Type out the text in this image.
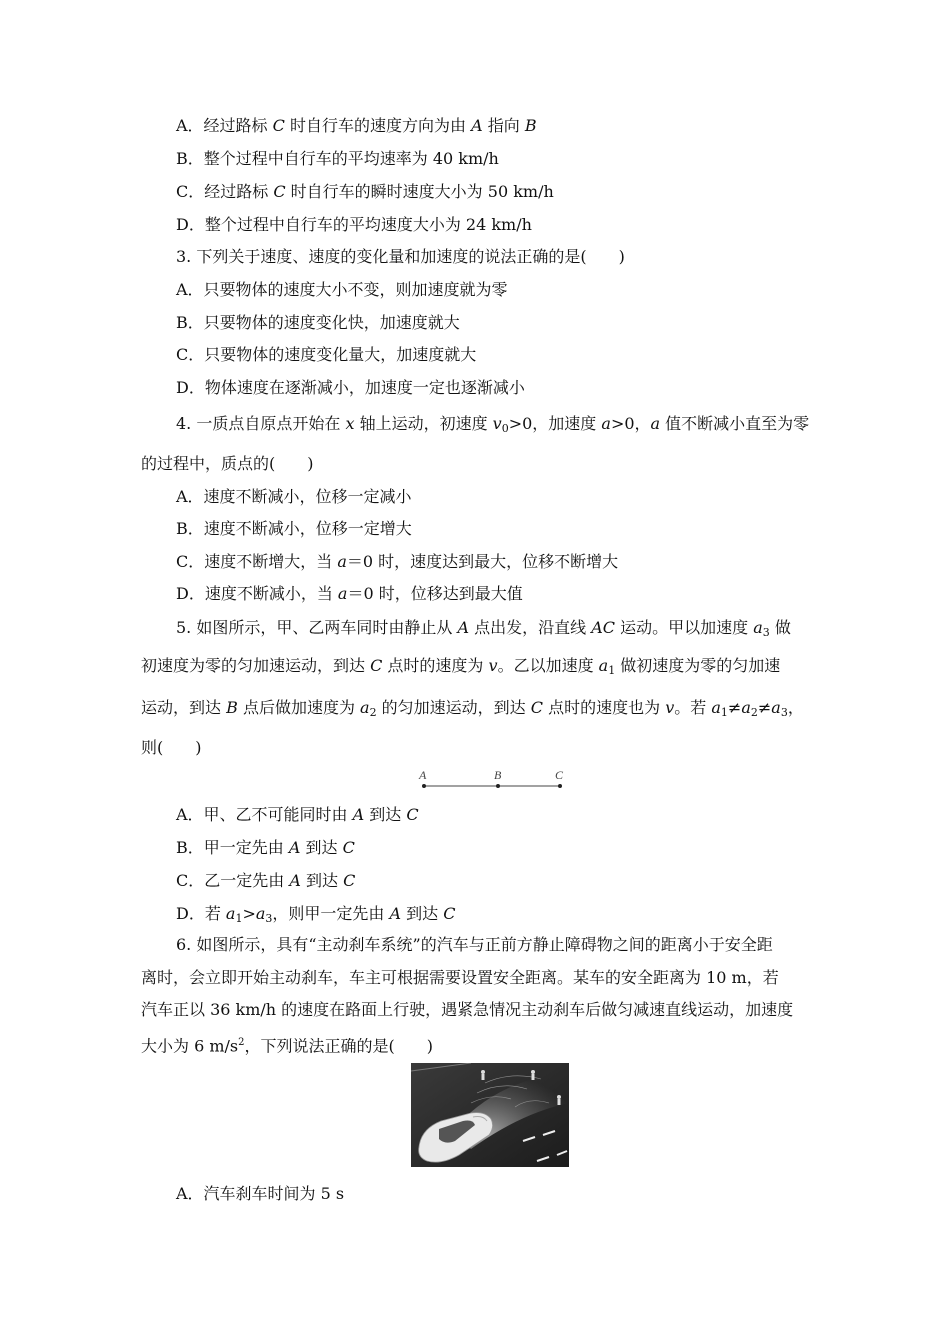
A．经过路标 C 时自行车的速度方向为由 A 指向 B
B．整个过程中自行车的平均速率为 40 km/h
C．经过路标 C 时自行车的瞬时速度大小为 50 km/h
D．整个过程中自行车的平均速度大小为 24 km/h
3. 下列关于速度、速度的变化量和加速度的说法正确的是(　　)
A．只要物体的速度大小不变，则加速度就为零
B．只要物体的速度变化快，加速度就大
C．只要物体的速度变化量大，加速度就大
D．物体速度在逐渐减小，加速度一定也逐渐减小
4. 一质点自原点开始在 x 轴上运动，初速度 $v_0>0$，加速度 a>0，a 值不断减小直至为零
的过程中，质点的(　　)
A．速度不断减小，位移一定减小
B．速度不断减小，位移一定增大
C．速度不断增大，当 a＝0 时，速度达到最大，位移不断增大
D．速度不断减小，当 a＝0 时，位移达到最大值
5. 如图所示，甲、乙两车同时由静止从 A 点出发，沿直线 AC 运动。甲以加速度 $a_3$ 做
初速度为零的匀加速运动，到达 C 点时的速度为 v。乙以加速度 $a_1$ 做初速度为零的匀加速
运动，到达 B 点后做加速度为 $a_2$ 的匀加速运动，到达 C 点时的速度也为 v。若 $a_1\ne a_2\ne a_3$，
则(　　)
A	B	C
A．甲、乙不可能同时由 A 到达 C
B．甲一定先由 A 到达 C
C．乙一定先由 A 到达 C
D．若 $a_1>a_3$，则甲一定先由 A 到达 C
6. 如图所示，具有“主动刹车系统”的汽车与正前方静止障碍物之间的距离小于安全距
离时，会立即开始主动刹车，车主可根据需要设置安全距离。某车的安全距离为 10 m，若
汽车正以 36 km/h 的速度在路面上行驶，遇紧急情况主动刹车后做匀减速直线运动，加速度
大小为 6 $m/s^2$，下列说法正确的是(　　)
A．汽车刹车时间为 5 s
